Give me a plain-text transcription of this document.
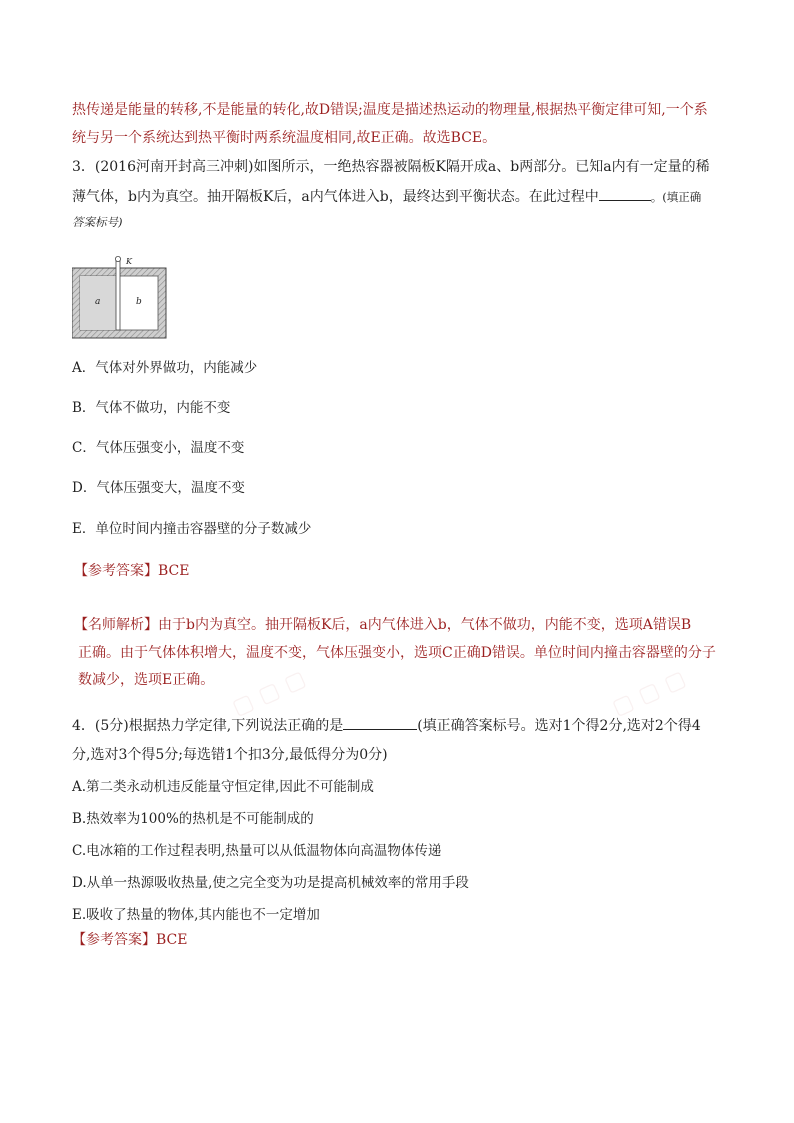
热传递是能量的转移,不是能量的转化,故D错误;温度是描述热运动的物理量,根据热平衡定律可知,一个系
统与另一个系统达到热平衡时两系统温度相同,故E正确。故选BCE。
3．(2016河南开封高三冲刺)如图所示，一绝热容器被隔板K隔开成a、b两部分。已知a内有一定量的稀
薄气体，b内为真空。抽开隔板K后，a内气体进入b，最终达到平衡状态。在此过程中	。(填正确
答案标号)
K
a	b
A．气体对外界做功，内能减少
B．气体不做功，内能不变
C．气体压强变小，温度不变
D．气体压强变大，温度不变
E．单位时间内撞击容器壁的分子数减少
【参考答案】BCE
【名师解析】由于b内为真空。抽开隔板K后，a内气体进入b，气体不做功，内能不变，选项A错误B
正确。由于气体体积增大，温度不变，气体压强变小，选项C正确D错误。单位时间内撞击容器壁的分子
数减少，选项E正确。 ▢ ▢ ▢	▢ ▢ ▢
4．(5分)根据热力学定律,下列说法正确的是	(填正确答案标号。选对1个得2分,选对2个得4
分,选对3个得5分;每选错1个扣3分,最低得分为0分)
A.第二类永动机违反能量守恒定律,因此不可能制成
B.热效率为100%的热机是不可能制成的
C.电冰箱的工作过程表明,热量可以从低温物体向高温物体传递
D.从单一热源吸收热量,使之完全变为功是提高机械效率的常用手段
E.吸收了热量的物体,其内能也不一定增加
【参考答案】BCE
